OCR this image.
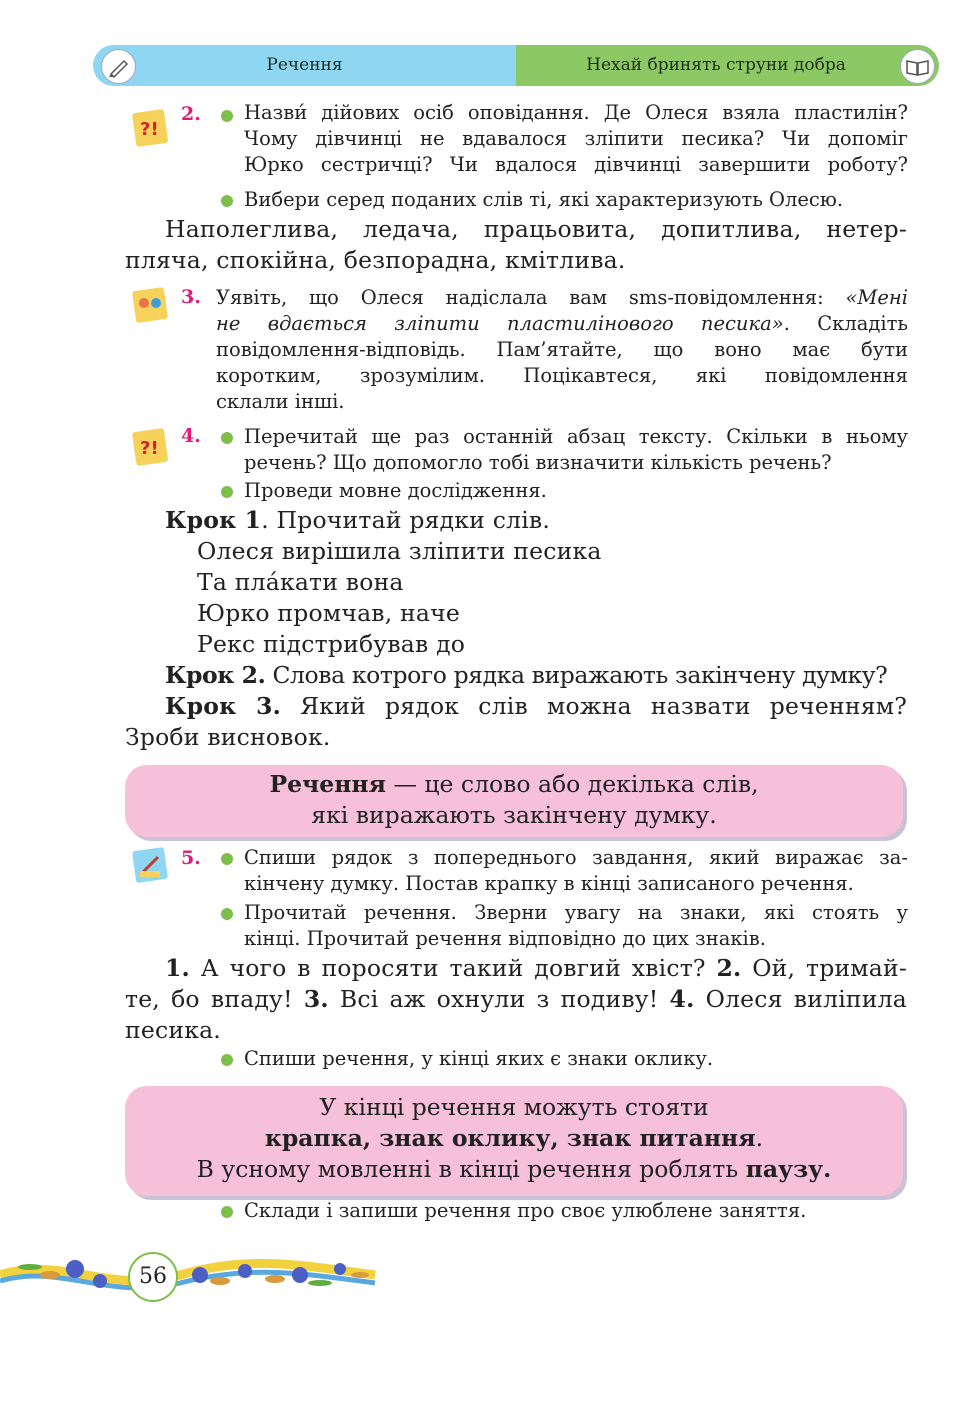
Речення	Нехай бринять струни добра
?!
2. Назви́ дійових осіб оповідання. Де Олеся взяла пластилін?
Чому дівчинці не вдавалося зліпити песика? Чи допоміг
Юрко сестричці? Чи вдалося дівчинці завершити роботу?
Вибери серед поданих слів ті, які характеризують Олесю.
Наполеглива, ледача, працьовита, допитлива, нетер-
пляча, спокійна, безпорадна, кмітлива.
3. Уявіть, що Олеся надіслала вам sms-повідомлення: «Мені
не вдається зліпити пластилінового песика». Складіть
повідомлення-відповідь. Пам’ятайте, що воно має бути
коротким, зрозумілим. Поцікавтеся, які повідомлення
склали інші.
?!
4. Перечитай ще раз останній абзац тексту. Скільки в ньому
речень? Що допомогло тобі визначити кількість речень?
Проведи мовне дослідження.
Крок 1. Прочитай рядки слів.
Олеся вирішила зліпити песика
Та пла́кати вона
Юрко промчав, наче
Рекс підстрибував до
Крок 2. Слова котрого рядка виражають закінчену думку?
Крок 3. Який рядок слів можна назвати реченням?
Зроби висновок.
Речення — це слово або декілька слів,
які виражають закінчену думку.
5. Спиши рядок з попереднього завдання, який виражає за-
кінчену думку. Постав крапку в кінці записаного речення.
Прочитай речення. Зверни увагу на знаки, які стоять у
кінці. Прочитай речення відповідно до цих знаків.
1. А чого в поросяти такий довгий хвіст? 2. Ой, тримай-
те, бо впаду! 3. Всі аж охнули з подиву! 4. Олеся виліпила
песика.
Спиши речення, у кінці яких є знаки оклику.
У кінці речення можуть стояти
крапка, знак оклику, знак питання.
В усному мовленні в кінці речення роблять паузу.
Склади і запиши речення про своє улюблене заняття.
56
